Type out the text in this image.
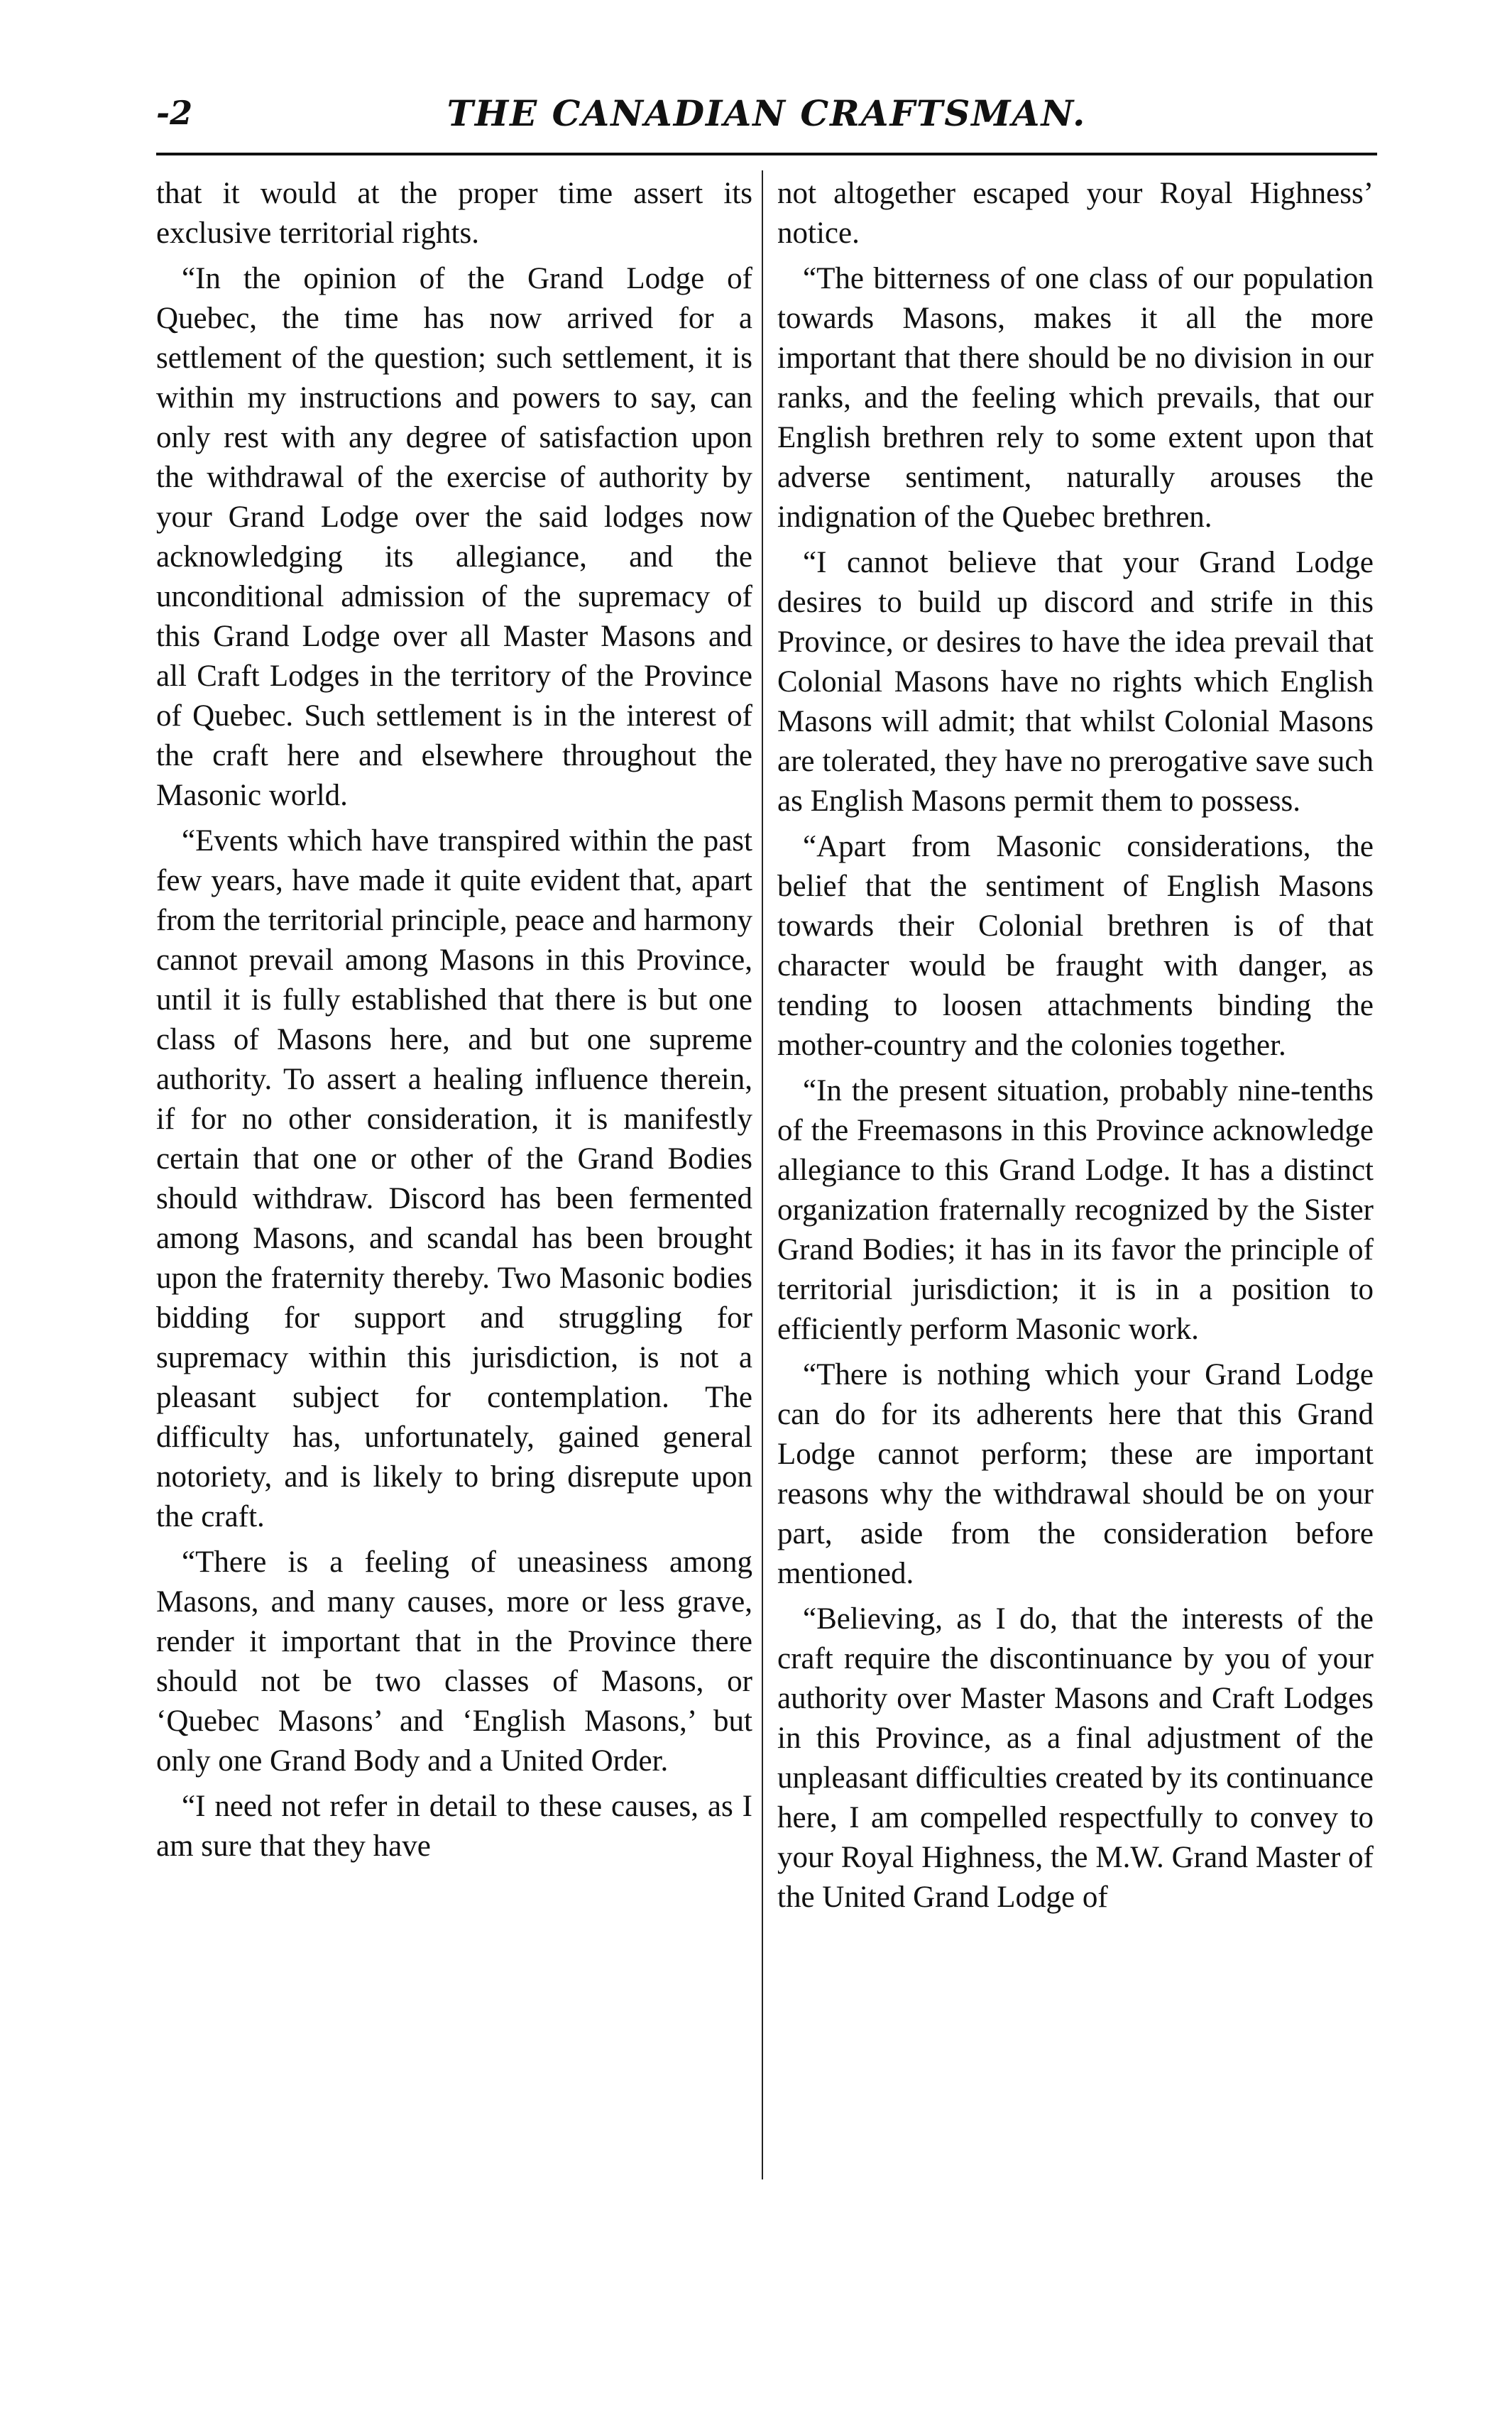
-2	THE CANADIAN CRAFTSMAN.

that it would at the proper time assert its exclusive territorial rights.

“In the opinion of the Grand Lodge of Quebec, the time has now arrived for a settlement of the question; such settlement, it is within my instructions and powers to say, can only rest with any degree of satisfaction upon the withdrawal of the exercise of authority by your Grand Lodge over the said lodges now acknowledging its allegiance, and the unconditional admission of the supremacy of this Grand Lodge over all Master Masons and all Craft Lodges in the territory of the Province of Quebec. Such settlement is in the interest of the craft here and elsewhere throughout the Masonic world.

“Events which have transpired within the past few years, have made it quite evident that, apart from the territorial principle, peace and harmony cannot prevail among Masons in this Province, until it is fully established that there is but one class of Masons here, and but one supreme authority. To assert a healing influence therein, if for no other consideration, it is manifestly certain that one or other of the Grand Bodies should withdraw. Discord has been fermented among Masons, and scandal has been brought upon the fraternity thereby. Two Masonic bodies bidding for support and struggling for supremacy within this jurisdiction, is not a pleasant subject for contemplation. The difficulty has, unfortunately, gained general notoriety, and is likely to bring disrepute upon the craft.

“There is a feeling of uneasiness among Masons, and many causes, more or less grave, render it important that in the Province there should not be two classes of Masons, or ‘Quebec Masons’ and ‘English Masons,’ but only one Grand Body and a United Order.

“I need not refer in detail to these causes, as I am sure that they have

not altogether escaped your Royal Highness’ notice.

“The bitterness of one class of our population towards Masons, makes it all the more important that there should be no division in our ranks, and the feeling which prevails, that our English brethren rely to some extent upon that adverse sentiment, naturally arouses the indignation of the Quebec brethren.

“I cannot believe that your Grand Lodge desires to build up discord and strife in this Province, or desires to have the idea prevail that Colonial Masons have no rights which English Masons will admit; that whilst Colonial Masons are tolerated, they have no prerogative save such as English Masons permit them to possess.

“Apart from Masonic considerations, the belief that the sentiment of English Masons towards their Colonial brethren is of that character would be fraught with danger, as tending to loosen attachments binding the mother-country and the colonies together.

“In the present situation, probably nine-tenths of the Freemasons in this Province acknowledge allegiance to this Grand Lodge. It has a distinct organization fraternally recognized by the Sister Grand Bodies; it has in its favor the principle of territorial jurisdiction; it is in a position to efficiently perform Masonic work.

“There is nothing which your Grand Lodge can do for its adherents here that this Grand Lodge cannot perform; these are important reasons why the withdrawal should be on your part, aside from the consideration before mentioned.

“Believing, as I do, that the interests of the craft require the discontinuance by you of your authority over Master Masons and Craft Lodges in this Province, as a final adjustment of the unpleasant difficulties created by its continuance here, I am compelled respectfully to convey to your Royal Highness, the M.W. Grand Master of the United Grand Lodge of
